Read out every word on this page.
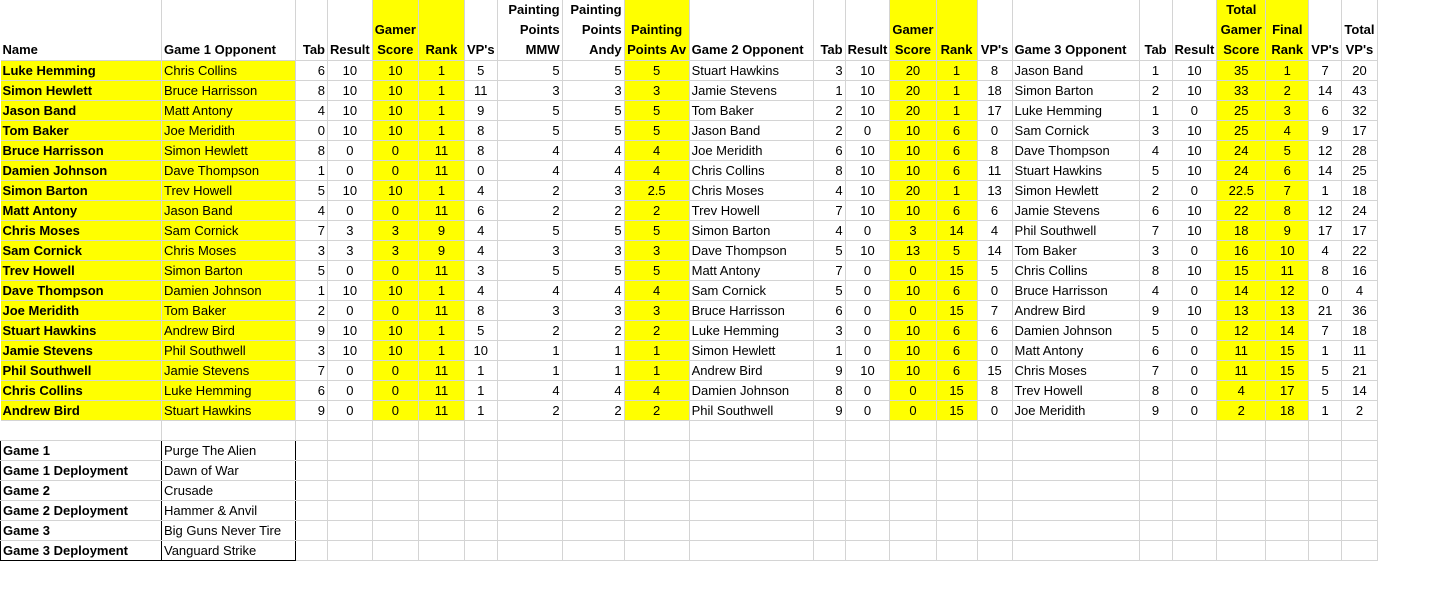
Name	Game 1 Opponent	Tab	Result	Gamer Score	Rank	VP's	Painting Points MMW	Painting Points Andy	Painting Points Av	Game 2 Opponent	Tab	Result	Gamer Score	Rank	VP's	Game 3 Opponent	Tab	Result	Total Gamer Score	Final Rank	VP's	Total VP's
Luke Hemming	Chris Collins	6	10	10	1	5	5	5	5	Stuart Hawkins	3	10	20	1	8	Jason Band	1	10	35	1	7	20
Simon Hewlett	Bruce Harrisson	8	10	10	1	11	3	3	3	Jamie Stevens	1	10	20	1	18	Simon Barton	2	10	33	2	14	43
Jason Band	Matt Antony	4	10	10	1	9	5	5	5	Tom Baker	2	10	20	1	17	Luke Hemming	1	0	25	3	6	32
Tom Baker	Joe Meridith	0	10	10	1	8	5	5	5	Jason Band	2	0	10	6	0	Sam Cornick	3	10	25	4	9	17
Bruce Harrisson	Simon Hewlett	8	0	0	11	8	4	4	4	Joe Meridith	6	10	10	6	8	Dave Thompson	4	10	24	5	12	28
Damien Johnson	Dave Thompson	1	0	0	11	0	4	4	4	Chris Collins	8	10	10	6	11	Stuart Hawkins	5	10	24	6	14	25
Simon Barton	Trev Howell	5	10	10	1	4	2	3	2.5	Chris Moses	4	10	20	1	13	Simon Hewlett	2	0	22.5	7	1	18
Matt Antony	Jason Band	4	0	0	11	6	2	2	2	Trev Howell	7	10	10	6	6	Jamie Stevens	6	10	22	8	12	24
Chris Moses	Sam Cornick	7	3	3	9	4	5	5	5	Simon Barton	4	0	3	14	4	Phil Southwell	7	10	18	9	17	17
Sam Cornick	Chris Moses	3	3	3	9	4	3	3	3	Dave Thompson	5	10	13	5	14	Tom Baker	3	0	16	10	4	22
Trev Howell	Simon Barton	5	0	0	11	3	5	5	5	Matt Antony	7	0	0	15	5	Chris Collins	8	10	15	11	8	16
Dave Thompson	Damien Johnson	1	10	10	1	4	4	4	4	Sam Cornick	5	0	10	6	0	Bruce Harrisson	4	0	14	12	0	4
Joe Meridith	Tom Baker	2	0	0	11	8	3	3	3	Bruce Harrisson	6	0	0	15	7	Andrew Bird	9	10	13	13	21	36
Stuart Hawkins	Andrew Bird	9	10	10	1	5	2	2	2	Luke Hemming	3	0	10	6	6	Damien Johnson	5	0	12	14	7	18
Jamie Stevens	Phil Southwell	3	10	10	1	10	1	1	1	Simon Hewlett	1	0	10	6	0	Matt Antony	6	0	11	15	1	11
Phil Southwell	Jamie Stevens	7	0	0	11	1	1	1	1	Andrew Bird	9	10	10	6	15	Chris Moses	7	0	11	15	5	21
Chris Collins	Luke Hemming	6	0	0	11	1	4	4	4	Damien Johnson	8	0	0	15	8	Trev Howell	8	0	4	17	5	14
Andrew Bird	Stuart Hawkins	9	0	0	11	1	2	2	2	Phil Southwell	9	0	0	15	0	Joe Meridith	9	0	2	18	1	2

Game 1	Purge The Alien																					
Game 1 Deployment	Dawn of War																					
Game 2	Crusade																					
Game 2 Deployment	Hammer & Anvil																					
Game 3	Big Guns Never Tire																					
Game 3 Deployment	Vanguard Strike																					
